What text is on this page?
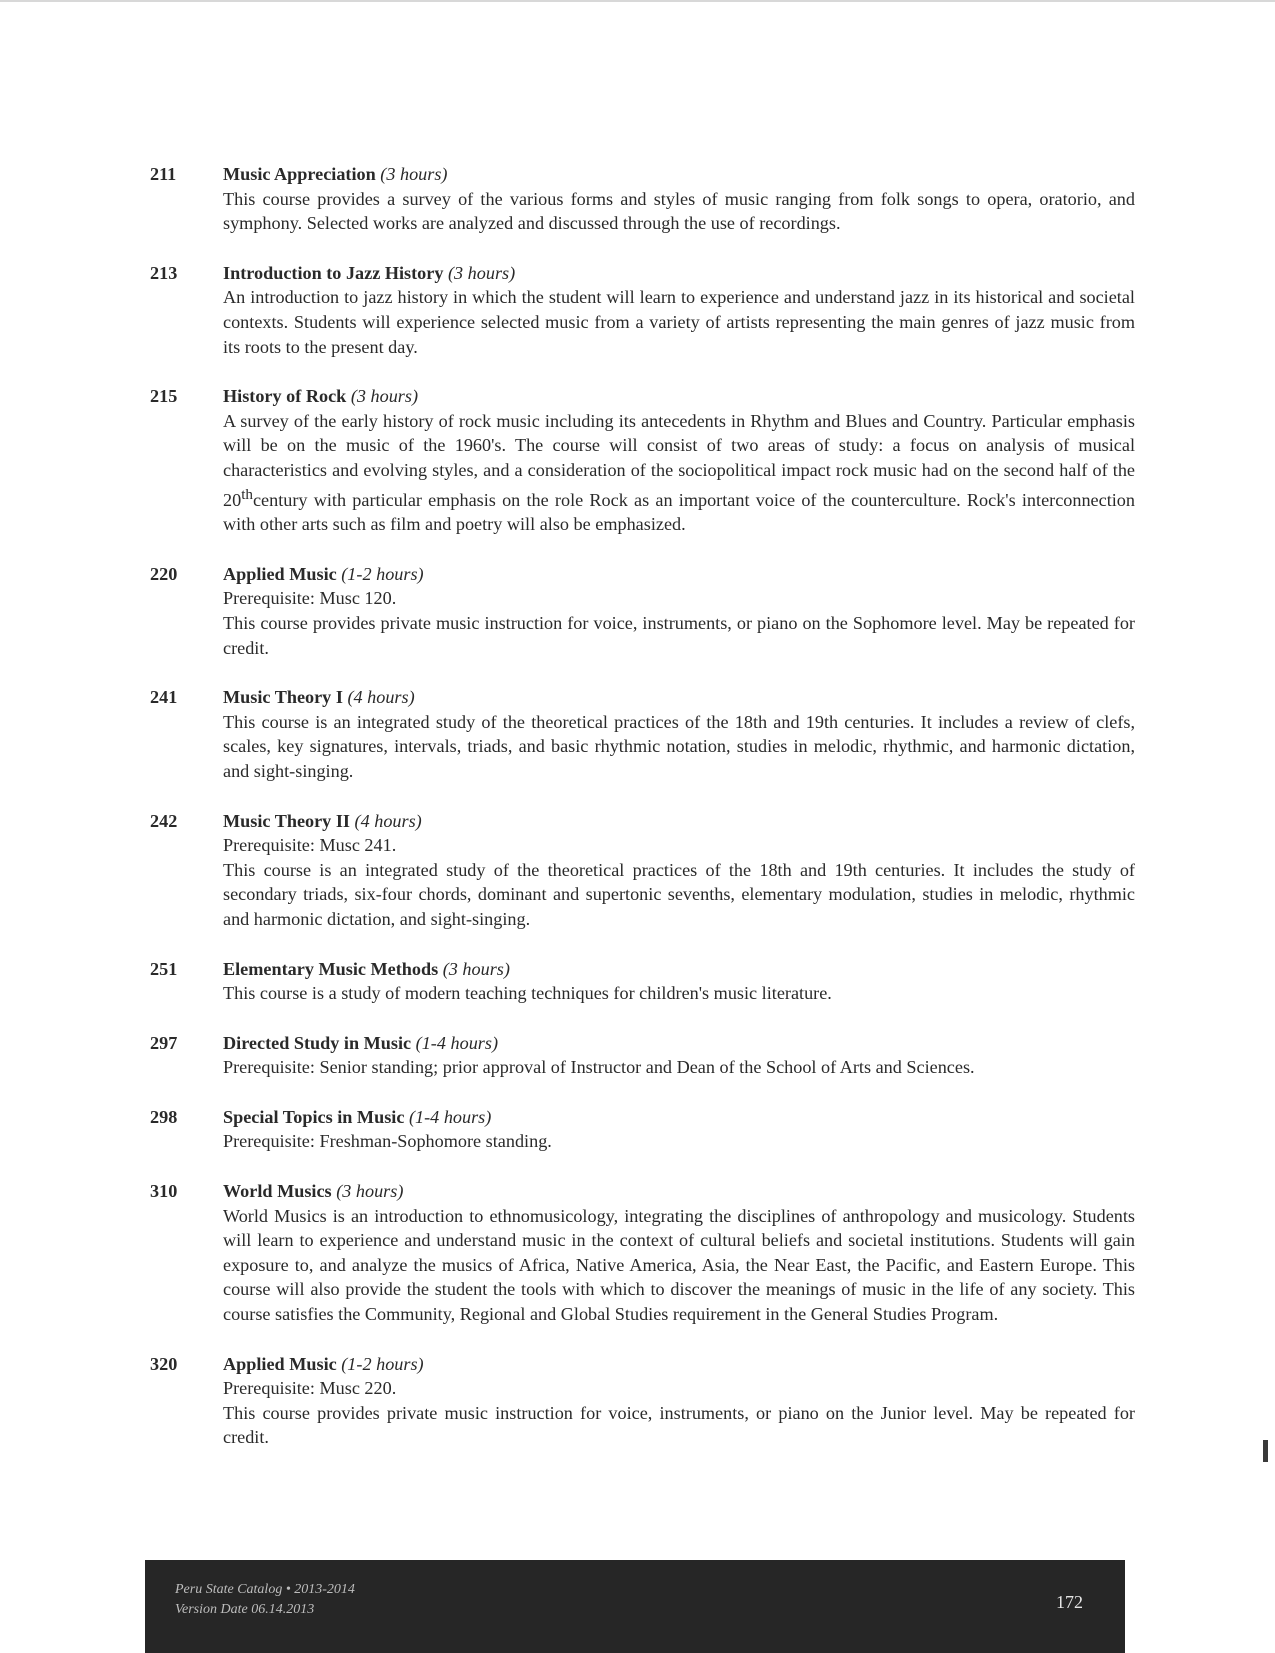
211	Music Appreciation (3 hours)
This course provides a survey of the various forms and styles of music ranging from folk songs to opera, oratorio, and symphony. Selected works are analyzed and discussed through the use of recordings.
213	Introduction to Jazz History (3 hours)
An introduction to jazz history in which the student will learn to experience and understand jazz in its historical and societal contexts. Students will experience selected music from a variety of artists representing the main genres of jazz music from its roots to the present day.
215	History of Rock (3 hours)
A survey of the early history of rock music including its antecedents in Rhythm and Blues and Country. Particular emphasis will be on the music of the 1960's. The course will consist of two areas of study: a focus on analysis of musical characteristics and evolving styles, and a consideration of the sociopolitical impact rock music had on the second half of the 20thcentury with particular emphasis on the role Rock as an important voice of the counterculture. Rock's interconnection with other arts such as film and poetry will also be emphasized.
220	Applied Music (1-2 hours)
Prerequisite: Musc 120.
This course provides private music instruction for voice, instruments, or piano on the Sophomore level. May be repeated for credit.
241	Music Theory I (4 hours)
This course is an integrated study of the theoretical practices of the 18th and 19th centuries. It includes a review of clefs, scales, key signatures, intervals, triads, and basic rhythmic notation, studies in melodic, rhythmic, and harmonic dictation, and sight-singing.
242	Music Theory II (4 hours)
Prerequisite: Musc 241.
This course is an integrated study of the theoretical practices of the 18th and 19th centuries. It includes the study of secondary triads, six-four chords, dominant and supertonic sevenths, elementary modulation, studies in melodic, rhythmic and harmonic dictation, and sight-singing.
251	Elementary Music Methods (3 hours)
This course is a study of modern teaching techniques for children's music literature.
297	Directed Study in Music (1-4 hours)
Prerequisite: Senior standing; prior approval of Instructor and Dean of the School of Arts and Sciences.
298	Special Topics in Music (1-4 hours)
Prerequisite: Freshman-Sophomore standing.
310	World Musics (3 hours)
World Musics is an introduction to ethnomusicology, integrating the disciplines of anthropology and musicology. Students will learn to experience and understand music in the context of cultural beliefs and societal institutions. Students will gain exposure to, and analyze the musics of Africa, Native America, Asia, the Near East, the Pacific, and Eastern Europe. This course will also provide the student the tools with which to discover the meanings of music in the life of any society. This course satisfies the Community, Regional and Global Studies requirement in the General Studies Program.
320	Applied Music (1-2 hours)
Prerequisite: Musc 220.
This course provides private music instruction for voice, instruments, or piano on the Junior level. May be repeated for credit.
Peru State Catalog • 2013-2014
Version Date 06.14.2013	172
